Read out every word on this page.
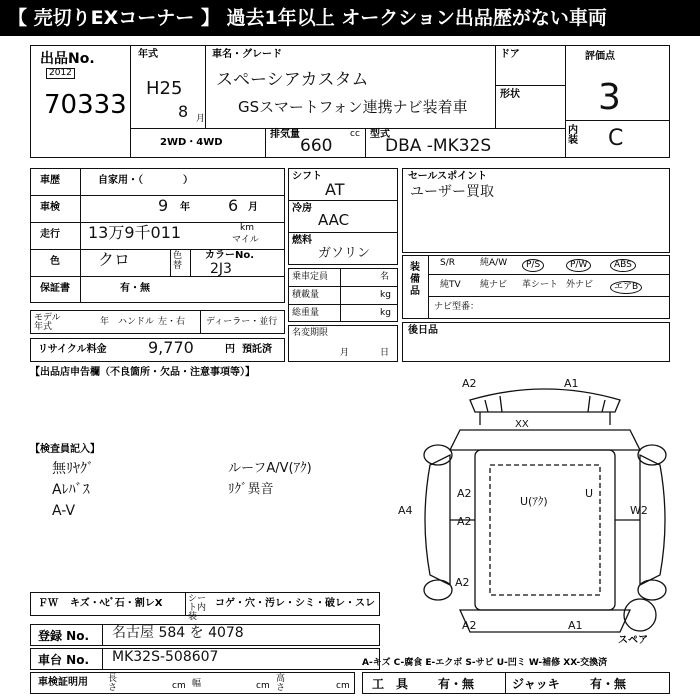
【 売切りEXコーナー 】 過去1年以上 オークション出品歴がない車両
出品No.
2012
70333
年式
H25
8 月
車名・グレード
スペーシアカスタム
GSスマートフォン連携ナビ装着車
ドア
形状
2WD・4WD
排気量	cc
660
型式
DBA -MK32S
評価点
3
内装 C
車歴	自家用・（　　　　）
車検	9 年 6 月
走行 13万9千011	km
マイル
色 クロ	色替
カラーNo.
2J3
保証書	有・無
モデル年式	年 ハンドル 左・右 ディーラー・並行
リサイクル料金	9,770	円 預託済
シフト
AT
冷房
AAC
燃料
ガソリン
乗車定員	名
積載量	kg
総重量	kg
名変期限
月	日
セールスポイント
ユーザー買取
装備品
S/R	純A/W	P/S	P/W	ABS
純TV 純ナビ 革シート 外ナビ	エアB
ナビ型番：
後日品
【出品店申告欄（不良箇所・欠品・注意事項等）】
【検査員記入】
無ﾘﾔｸﾞ
Aﾚﾊﾞｽ
A-V
ルーフA/V(ｱｸ)
ﾘｸﾞ異音
A2	A1
XX
A2
U(ｱｸ)
U
A4
A2
W2
A2
A2	A1
スペア
ＦＷ キズ・ﾍﾋﾞ石・割レX	シート内　装
コゲ・穴・汚レ・シミ・破レ・スレ
登録 No. 名古屋 584 を 4078
車台 No. MK32S-508607	A-キズ C-腐食 E-エクボ S-サビ U-凹ミ W-補修 XX-交換済
車検証明用 長さ	cm 幅	cm
高さ	cm 工　具 有・無	ジャッキ	有・無
